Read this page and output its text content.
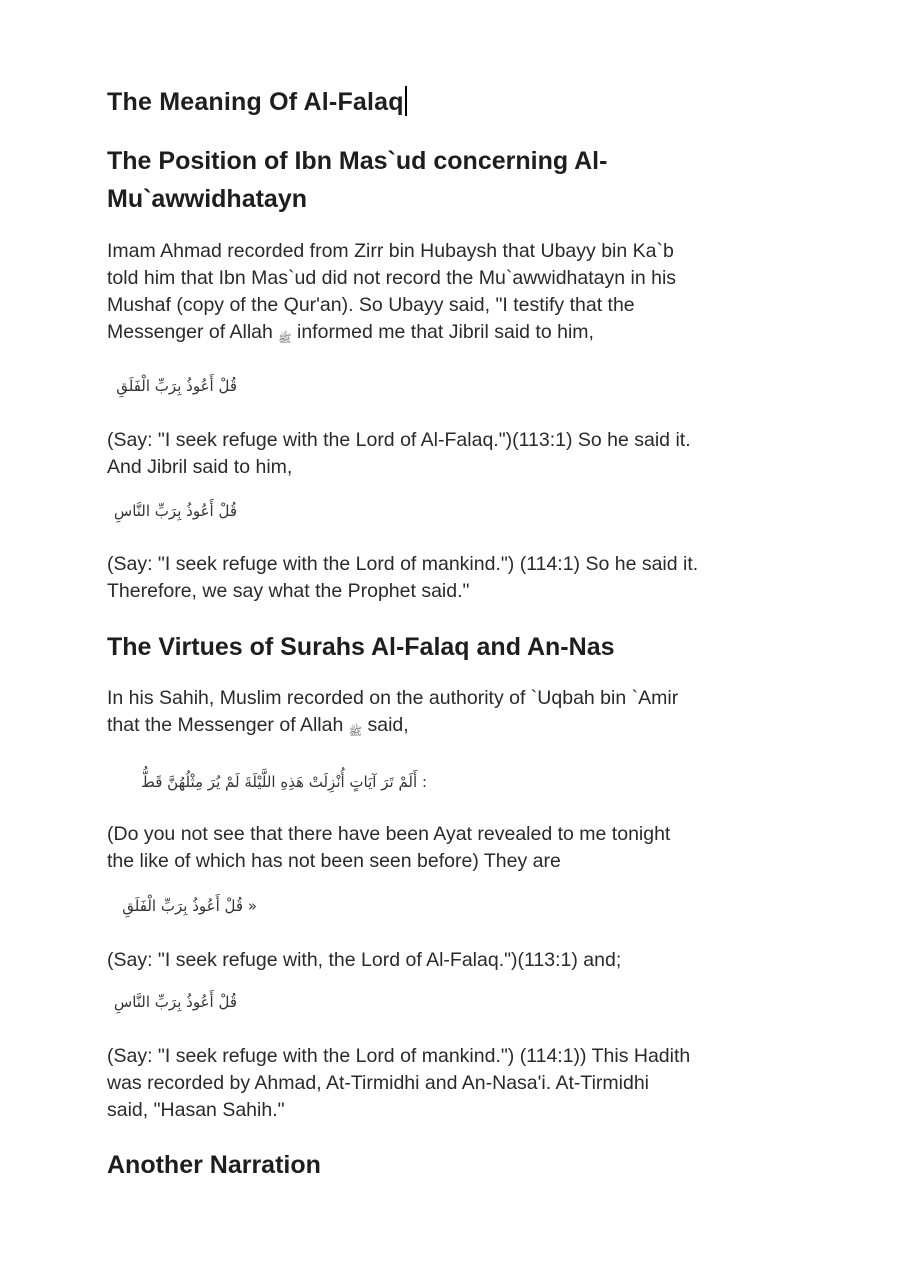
The Meaning Of Al-Falaq
The Position of Ibn Mas`ud concerning Al-
Mu`awwidhatayn
Imam Ahmad recorded from Zirr bin Hubaysh that Ubayy bin Ka`b
told him that Ibn Mas`ud did not record the Mu`awwidhatayn in his
Mushaf (copy of the Qur'an). So Ubayy said, "I testify that the
Messenger of Allah ﷺ informed me that Jibril said to him,
قُلْ أَعُوذُ بِرَبِّ الْفَلَقِ
(Say: "I seek refuge with the Lord of Al-Falaq.")(113:1) So he said it.
And Jibril said to him,
قُلْ أَعُوذُ بِرَبِّ النَّاسِ
(Say: "I seek refuge with the Lord of mankind.") (114:1) So he said it.
Therefore, we say what the Prophet said."
The Virtues of Surahs Al-Falaq and An-Nas
In his Sahih, Muslim recorded on the authority of `Uqbah bin `Amir
that the Messenger of Allah ﷺ said,
: أَلَمْ تَرَ آيَاتٍ أُنْزِلَتْ هَذِهِ اللَّيْلَةَ لَمْ يُرَ مِثْلُهُنَّ قَطُّ
(Do you not see that there have been Ayat revealed to me tonight
the like of which has not been seen before) They are
« قُلْ أَعُوذُ بِرَبِّ الْفَلَقِ
(Say: "I seek refuge with, the Lord of Al-Falaq.")(113:1) and;
قُلْ أَعُوذُ بِرَبِّ النَّاسِ
(Say: "I seek refuge with the Lord of mankind.") (114:1)) This Hadith
was recorded by Ahmad, At-Tirmidhi and An-Nasa'i. At-Tirmidhi
said, "Hasan Sahih."
Another Narration
